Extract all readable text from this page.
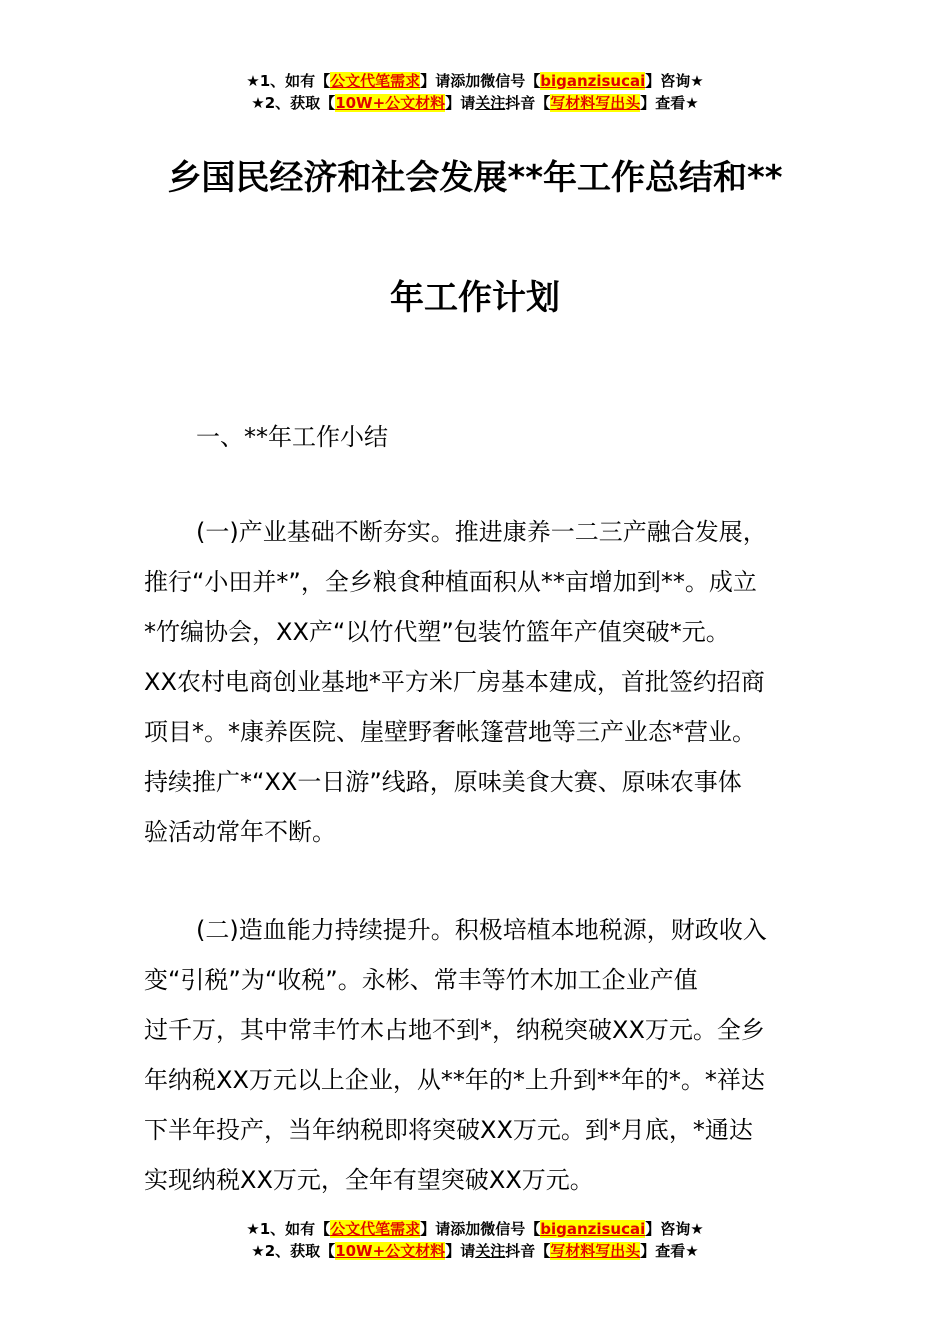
★1、如有【公文代笔需求】请添加微信号【biganzisucai】咨询★
★2、获取【10W+公文材料】请关注抖音【写材料写出头】查看★
乡国民经济和社会发展**年工作总结和**
年工作计划
一、**年工作小结
(一)产业基础不断夯实。推进康养一二三产融合发展，
推行“小田并*”，全乡粮食种植面积从**亩增加到**。成立
*竹编协会，XX产“以竹代塑”包装竹篮年产值突破*元。
XX农村电商创业基地*平方米厂房基本建成，首批签约招商
项目*。*康养医院、崖壁野奢帐篷营地等三产业态*营业。
持续推广*“XX一日游”线路，原味美食大赛、原味农事体
验活动常年不断。
(二)造血能力持续提升。积极培植本地税源，财政收入
变“引税”为“收税”。永彬、常丰等竹木加工企业产值
过千万，其中常丰竹木占地不到*，纳税突破XX万元。全乡
年纳税XX万元以上企业，从**年的*上升到**年的*。*祥达
下半年投产，当年纳税即将突破XX万元。到*月底，*通达
实现纳税XX万元，全年有望突破XX万元。
★1、如有【公文代笔需求】请添加微信号【biganzisucai】咨询★
★2、获取【10W+公文材料】请关注抖音【写材料写出头】查看★
